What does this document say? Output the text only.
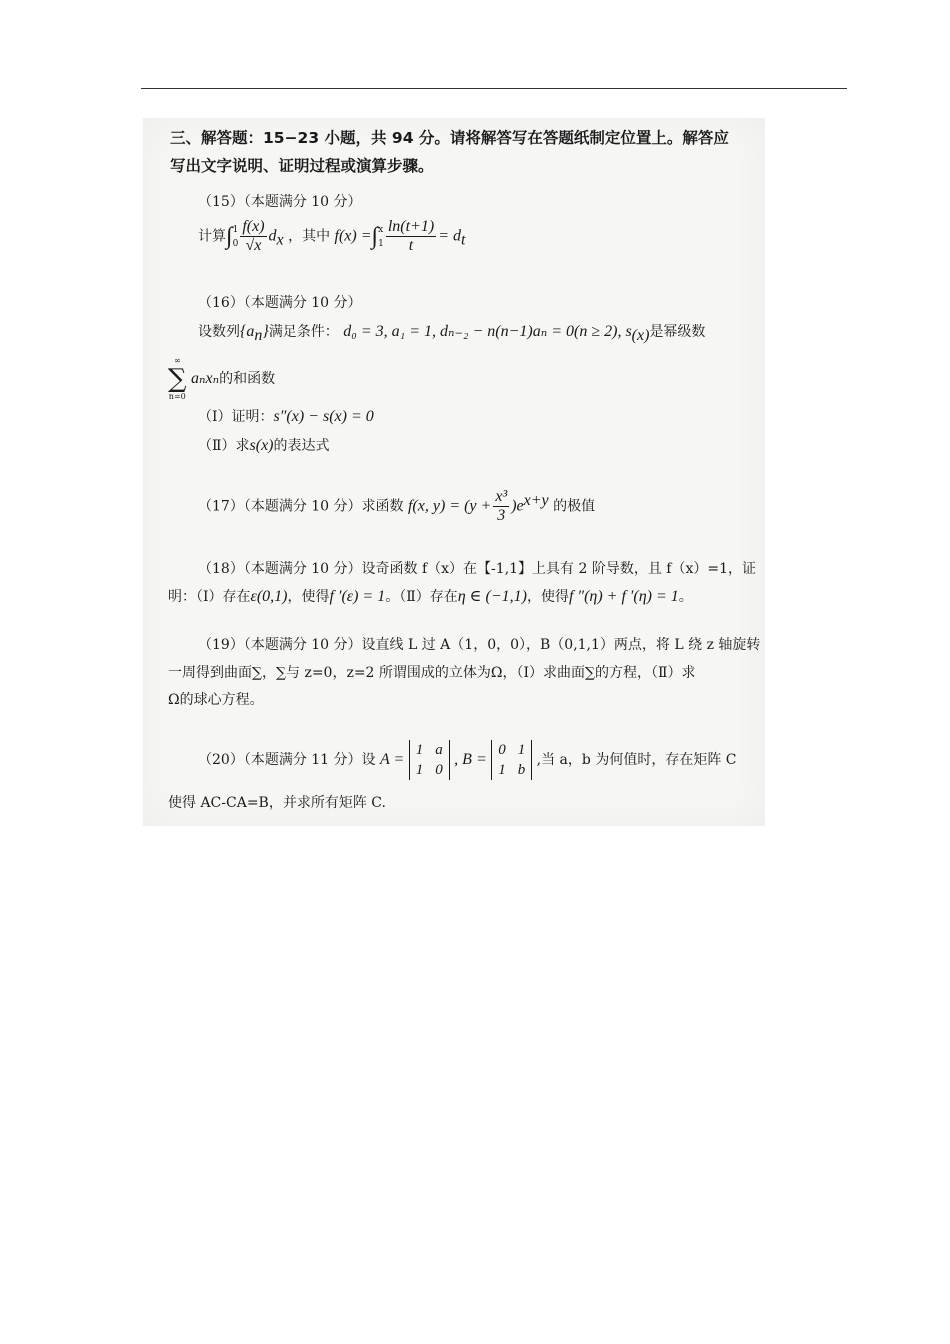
三、解答题：15−23 小题，共 94 分。请将解答写在答题纸制定位置上。解答应
写出文字说明、证明过程或演算步骤。
（15）（本题满分 10 分）
计算∫ 1
$0 \frac{f(x)}{√x} d_x$ ，其中 f(x) =∫ x
$1 \frac{\ln(t+1)}{t} = d_t$
（16）（本题满分 10 分）
设数列$\{a_n\}$满足条件： d₀ = 3, a₁ = 1, dₙ₋₂ − n(n−1)aₙ = 0(n ≥ 2), $s_{(x)}$是幂级数
∞
∑
n=0
aₙxₙ的和函数
（Ⅰ）证明：s″(x) − s(x) = 0
（Ⅱ）求s(x)的表达式
（17）（本题满分 10 分）求函数 f(x, $y) = (y + \frac{\text{x³}}{3} )e^{x+y}$ 的极值
（18）（本题满分 10 分）设奇函数 f（x）在【-1,1】上具有 2 阶导数，且 f（x）=1，证
明：（Ⅰ）存在ε(0,1)，使得f ′(ε) = 1。（Ⅱ）存在η ∈ (−1,1)，使得f ″(η) + f ′(η) = 1。
（19）（本题满分 10 分）设直线 L 过 A（1，0，0），B（0,1,1）两点，将 L 绕 z 轴旋转
一周得到曲面∑，∑与 z=0，z=2 所谓围成的立体为Ω，（Ⅰ）求曲面∑的方程，（Ⅱ）求
Ω的球心方程。
（20）（本题满分 11 分）设 A =
1	a
1	0
, B =
0	1
1	b
,当 a，b 为何值时，存在矩阵 C
使得 AC-CA=B，并求所有矩阵 C.
